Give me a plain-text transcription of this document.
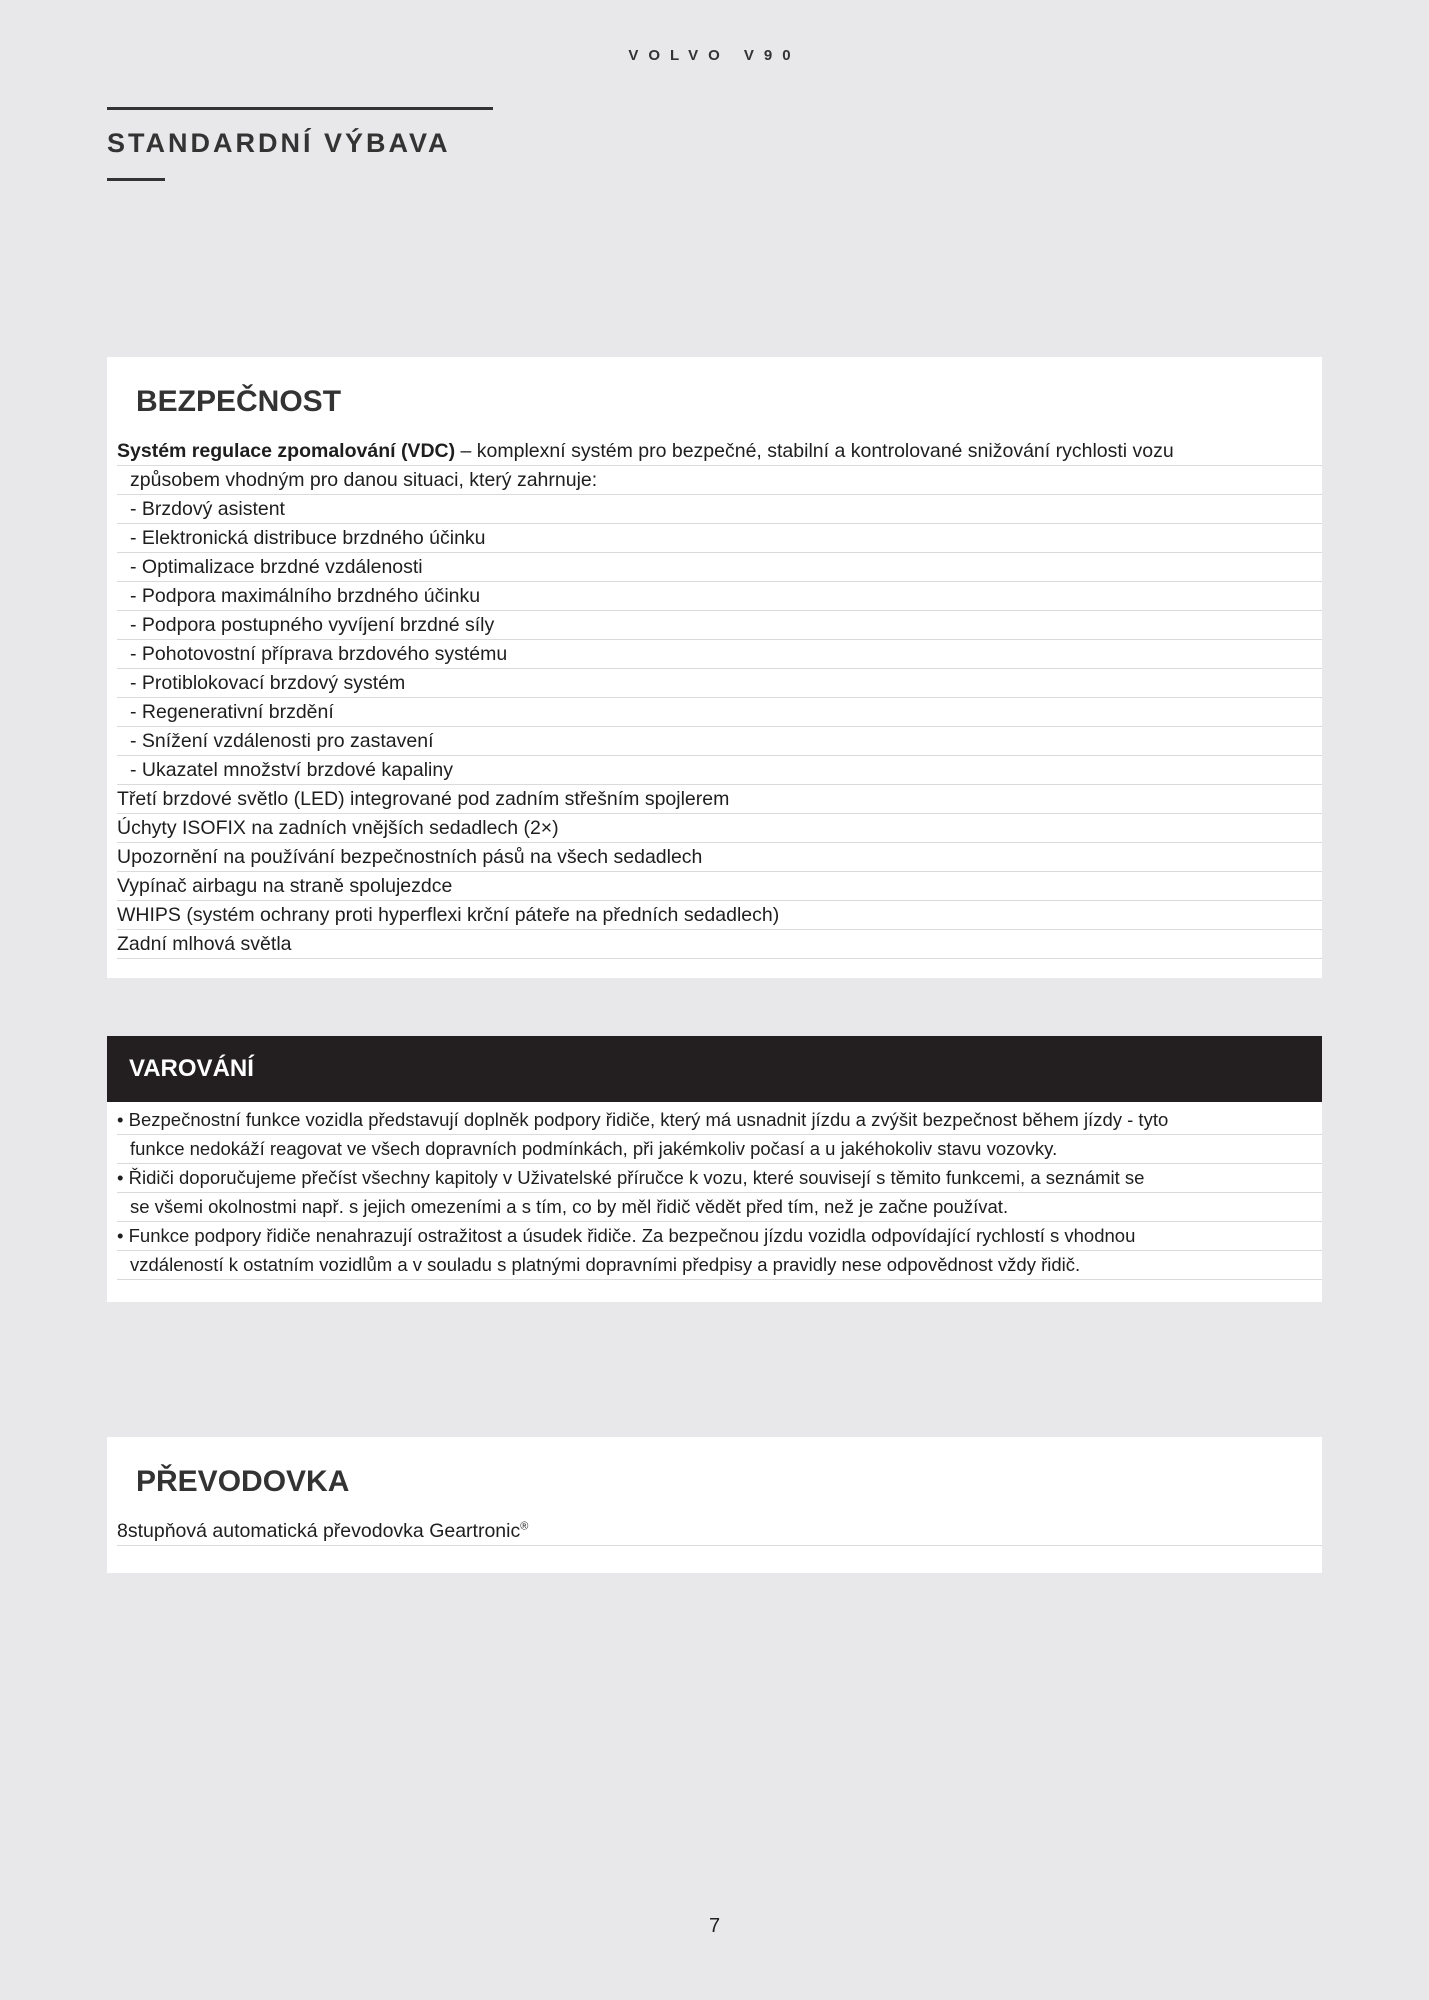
VOLVO V90
STANDARDNÍ VÝBAVA
BEZPEČNOST
Systém regulace zpomalování (VDC) – komplexní systém pro bezpečné, stabilní a kontrolované snižování rychlosti vozu
způsobem vhodným pro danou situaci, který zahrnuje:
- Brzdový asistent
- Elektronická distribuce brzdného účinku
- Optimalizace brzdné vzdálenosti
- Podpora maximálního brzdného účinku
- Podpora postupného vyvíjení brzdné síly
- Pohotovostní příprava brzdového systému
- Protiblokovací brzdový systém
- Regenerativní brzdění
- Snížení vzdálenosti pro zastavení
- Ukazatel množství brzdové kapaliny
Třetí brzdové světlo (LED) integrované pod zadním střešním spojlerem
Úchyty ISOFIX na zadních vnějších sedadlech (2×)
Upozornění na používání bezpečnostních pásů na všech sedadlech
Vypínač airbagu na straně spolujezdce
WHIPS (systém ochrany proti hyperflexi krční páteře na předních sedadlech)
Zadní mlhová světla
VAROVÁNÍ
• Bezpečnostní funkce vozidla představují doplněk podpory řidiče, který má usnadnit jízdu a zvýšit bezpečnost během jízdy - tyto
funkce nedokáží reagovat ve všech dopravních podmínkách, při jakémkoliv počasí a u jakéhokoliv stavu vozovky.
• Řidiči doporučujeme přečíst všechny kapitoly v Uživatelské příručce k vozu, které souvisejí s těmito funkcemi, a seznámit se
se všemi okolnostmi např. s jejich omezeními a s tím, co by měl řidič vědět před tím, než je začne používat.
• Funkce podpory řidiče nenahrazují ostražitost a úsudek řidiče. Za bezpečnou jízdu vozidla odpovídající rychlostí s vhodnou
vzdáleností k ostatním vozidlům a v souladu s platnými dopravními předpisy a pravidly nese odpovědnost vždy řidič.
PŘEVODOVKA
8stupňová automatická převodovka Geartronic®
7
